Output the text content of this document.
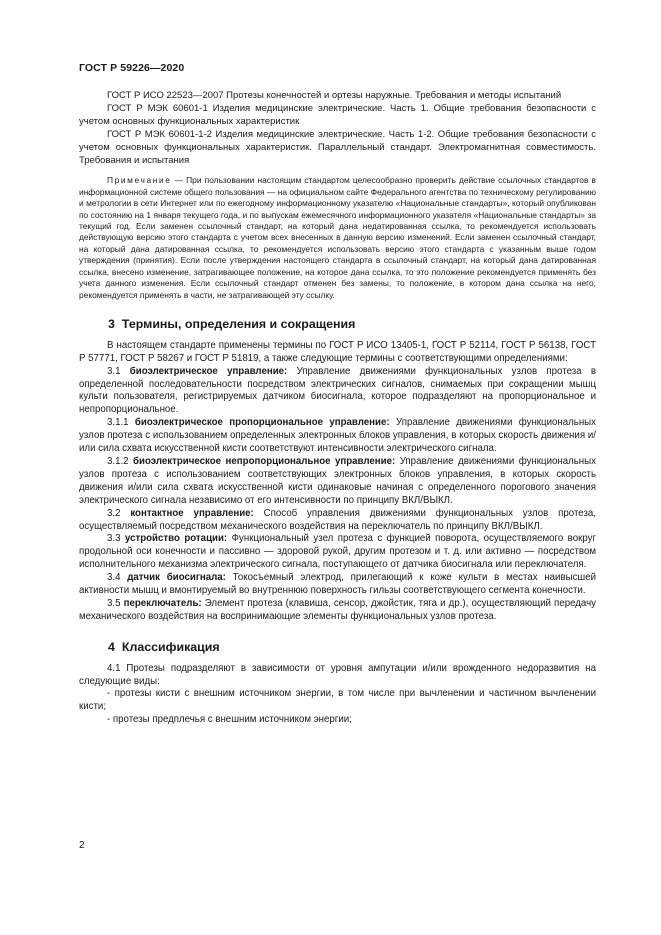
ГОСТ Р 59226—2020

ГОСТ Р ИСО 22523—2007 Протезы конечностей и ортезы наружные. Требования и методы испытаний

ГОСТ Р МЭК 60601-1 Изделия медицинские электрические. Часть 1. Общие требования безопасности с учетом основных функциональных характеристик

ГОСТ Р МЭК 60601-1-2 Изделия медицинские электрические. Часть 1-2. Общие требования безопасности с учетом основных функциональных характеристик. Параллельный стандарт. Электромагнитная совместимость. Требования и испытания

Примечание — При пользовании настоящим стандартом целесообразно проверить действие ссылочных стандартов в информационной системе общего пользования — на официальном сайте Федерального агентства по техническому регулированию и метрологии в сети Интернет или по ежегодному информационному указателю «Национальные стандарты», который опубликован по состоянию на 1 января текущего года, и по выпускам ежемесячного информационного указателя «Национальные стандарты» за текущий год. Если заменен ссылочный стандарт, на который дана недатированная ссылка, то рекомендуется использовать действующую версию этого стандарта с учетом всех внесенных в данную версию изменений. Если заменен ссылочный стандарт, на который дана датированная ссылка, то рекомендуется использовать версию этого стандарта с указанным выше годом утверждения (принятия). Если после утверждения настоящего стандарта в ссылочный стандарт, на который дана датированная ссылка, внесено изменение, затрагивающее положение, на которое дана ссылка, то это положение рекомендуется применять без учета данного изменения. Если ссылочный стандарт отменен без замены, то положение, в котором дана ссылка на него, рекомендуется применять в части, не затрагивающей эту ссылку.
3 Термины, определения и сокращения

В настоящем стандарте применены термины по ГОСТ Р ИСО 13405-1, ГОСТ Р 52114, ГОСТ Р 56138, ГОСТ Р 57771, ГОСТ Р 58267 и ГОСТ Р 51819, а также следующие термины с соответствующими определениями:

3.1 биоэлектрическое управление: Управление движениями функциональных узлов протеза в определенной последовательности посредством электрических сигналов, снимаемых при сокращении мышц культи пользователя, регистрируемых датчиком биосигнала, которое подразделяют на пропорциональное и непропорциональное.

3.1.1 биоэлектрическое пропорциональное управление: Управление движениями функциональных узлов протеза с использованием определенных электронных блоков управления, в которых скорость движения и/или сила схвата искусственной кисти соответствуют интенсивности электрического сигнала.

3.1.2 биоэлектрическое непропорциональное управление: Управление движениями функциональных узлов протеза с использованием соответствующих электронных блоков управления, в которых скорость движения и/или сила схвата искусственной кисти одинаковые начиная с определенного порогового значения электрического сигнала независимо от его интенсивности по принципу ВКЛ/ВЫКЛ.

3.2 контактное управление: Способ управления движениями функциональных узлов протеза, осуществляемый посредством механического воздействия на переключатель по принципу ВКЛ/ВЫКЛ.

3.3 устройство ротации: Функциональный узел протеза с функцией поворота, осуществляемого вокруг продольной оси конечности и пассивно — здоровой рукой, другим протезом и т. д. или активно — посредством исполнительного механизма электрического сигнала, поступающего от датчика биосигнала или переключателя.

3.4 датчик биосигнала: Токосъемный электрод, прилегающий к коже культи в местах наивысшей активности мышц и вмонтируемый во внутреннюю поверхность гильзы соответствующего сегмента конечности.

3.5 переключатель: Элемент протеза (клавиша, сенсор, джойстик, тяга и др.), осуществляющий передачу механического воздействия на воспринимающие элементы функциональных узлов протеза.

4 Классификация

4.1 Протезы подразделяют в зависимости от уровня ампутации и/или врожденного недоразвития на следующие виды:

- протезы кисти с внешним источником энергии, в том числе при вычленении и частичном вычленении кисти;

- протезы предплечья с внешним источником энергии;

2
